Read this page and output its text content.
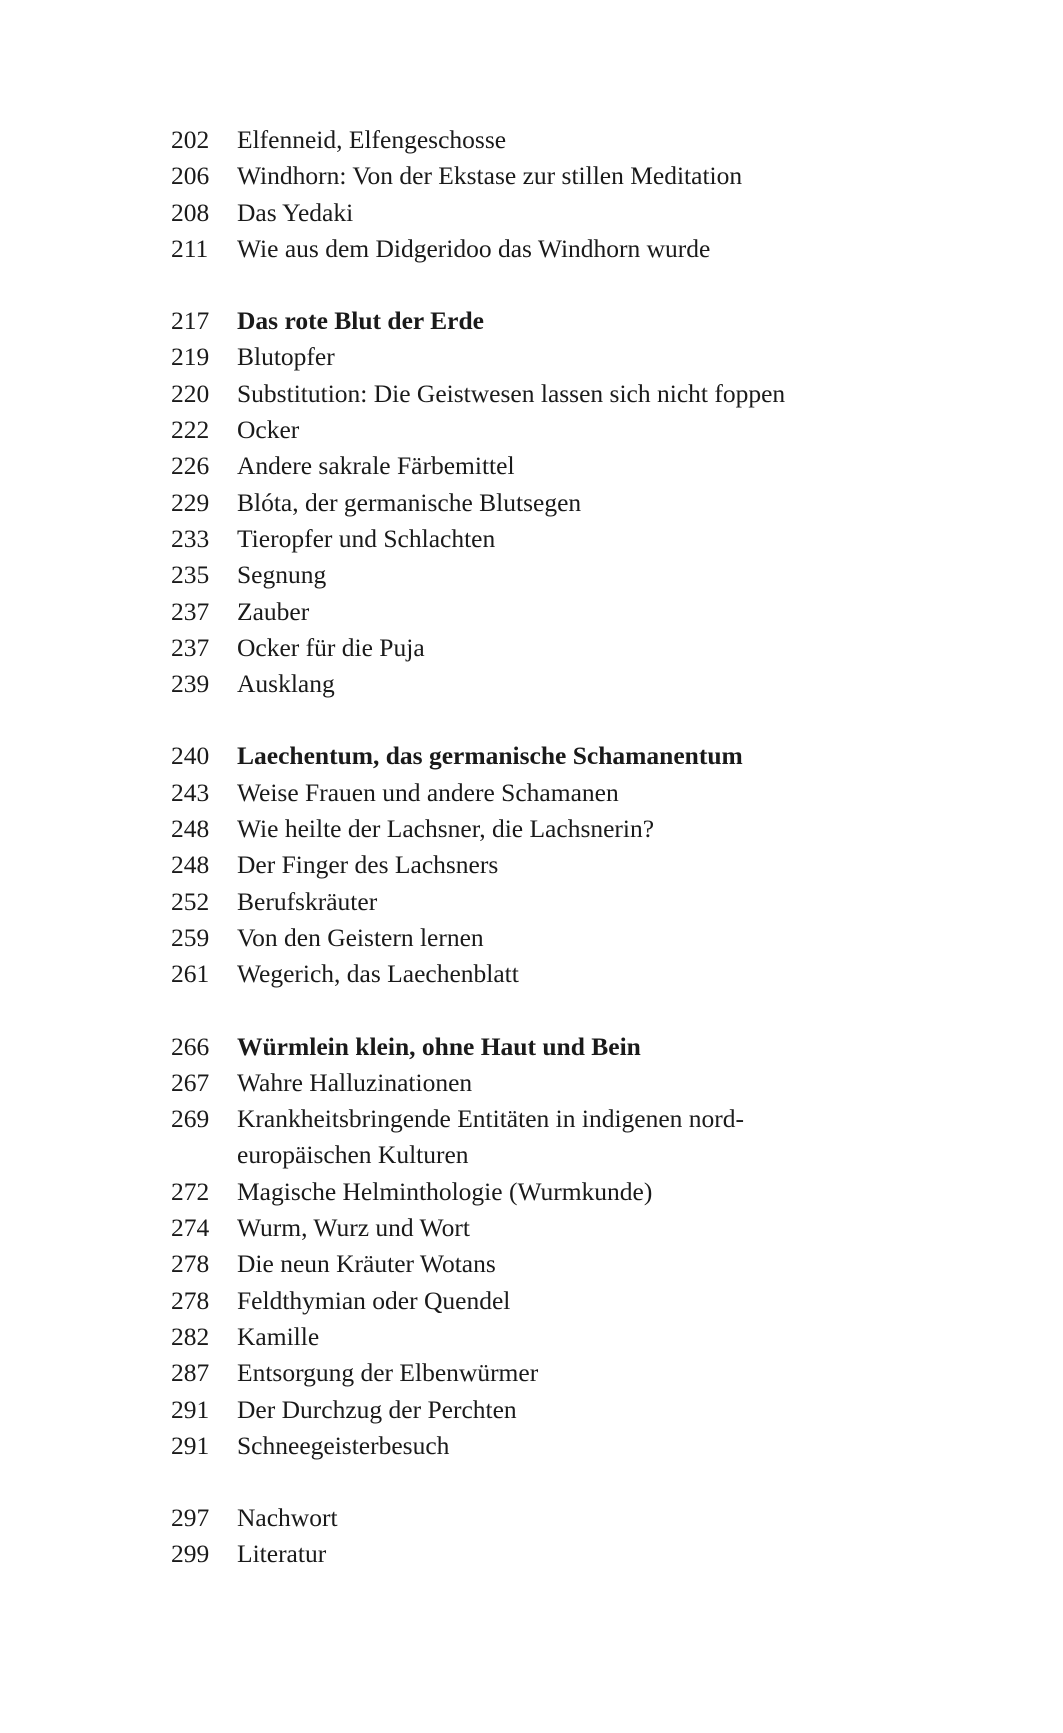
202	Elfenneid, Elfengeschosse
206	Windhorn: Von der Ekstase zur stillen Meditation
208	Das Yedaki
211	Wie aus dem Didgeridoo das Windhorn wurde
217	Das rote Blut der Erde
219	Blutopfer
220	Substitution: Die Geistwesen lassen sich nicht foppen
222	Ocker
226	Andere sakrale Färbemittel
229	Blóta, der germanische Blutsegen
233	Tieropfer und Schlachten
235	Segnung
237	Zauber
237	Ocker für die Puja
239	Ausklang
240	Laechentum, das germanische Schamanentum
243	Weise Frauen und andere Schamanen
248	Wie heilte der Lachsner, die Lachsnerin?
248	Der Finger des Lachsners
252	Berufskräuter
259	Von den Geistern lernen
261	Wegerich, das Laechenblatt
266	Würmlein klein, ohne Haut und Bein
267	Wahre Halluzinationen
269	Krankheitsbringende Entitäten in indigenen nord-europäischen Kulturen
272	Magische Helminthologie (Wurmkunde)
274	Wurm, Wurz und Wort
278	Die neun Kräuter Wotans
278	Feldthymian oder Quendel
282	Kamille
287	Entsorgung der Elbenwürmer
291	Der Durchzug der Perchten
291	Schneegeisterbesuch
297	Nachwort
299	Literatur
